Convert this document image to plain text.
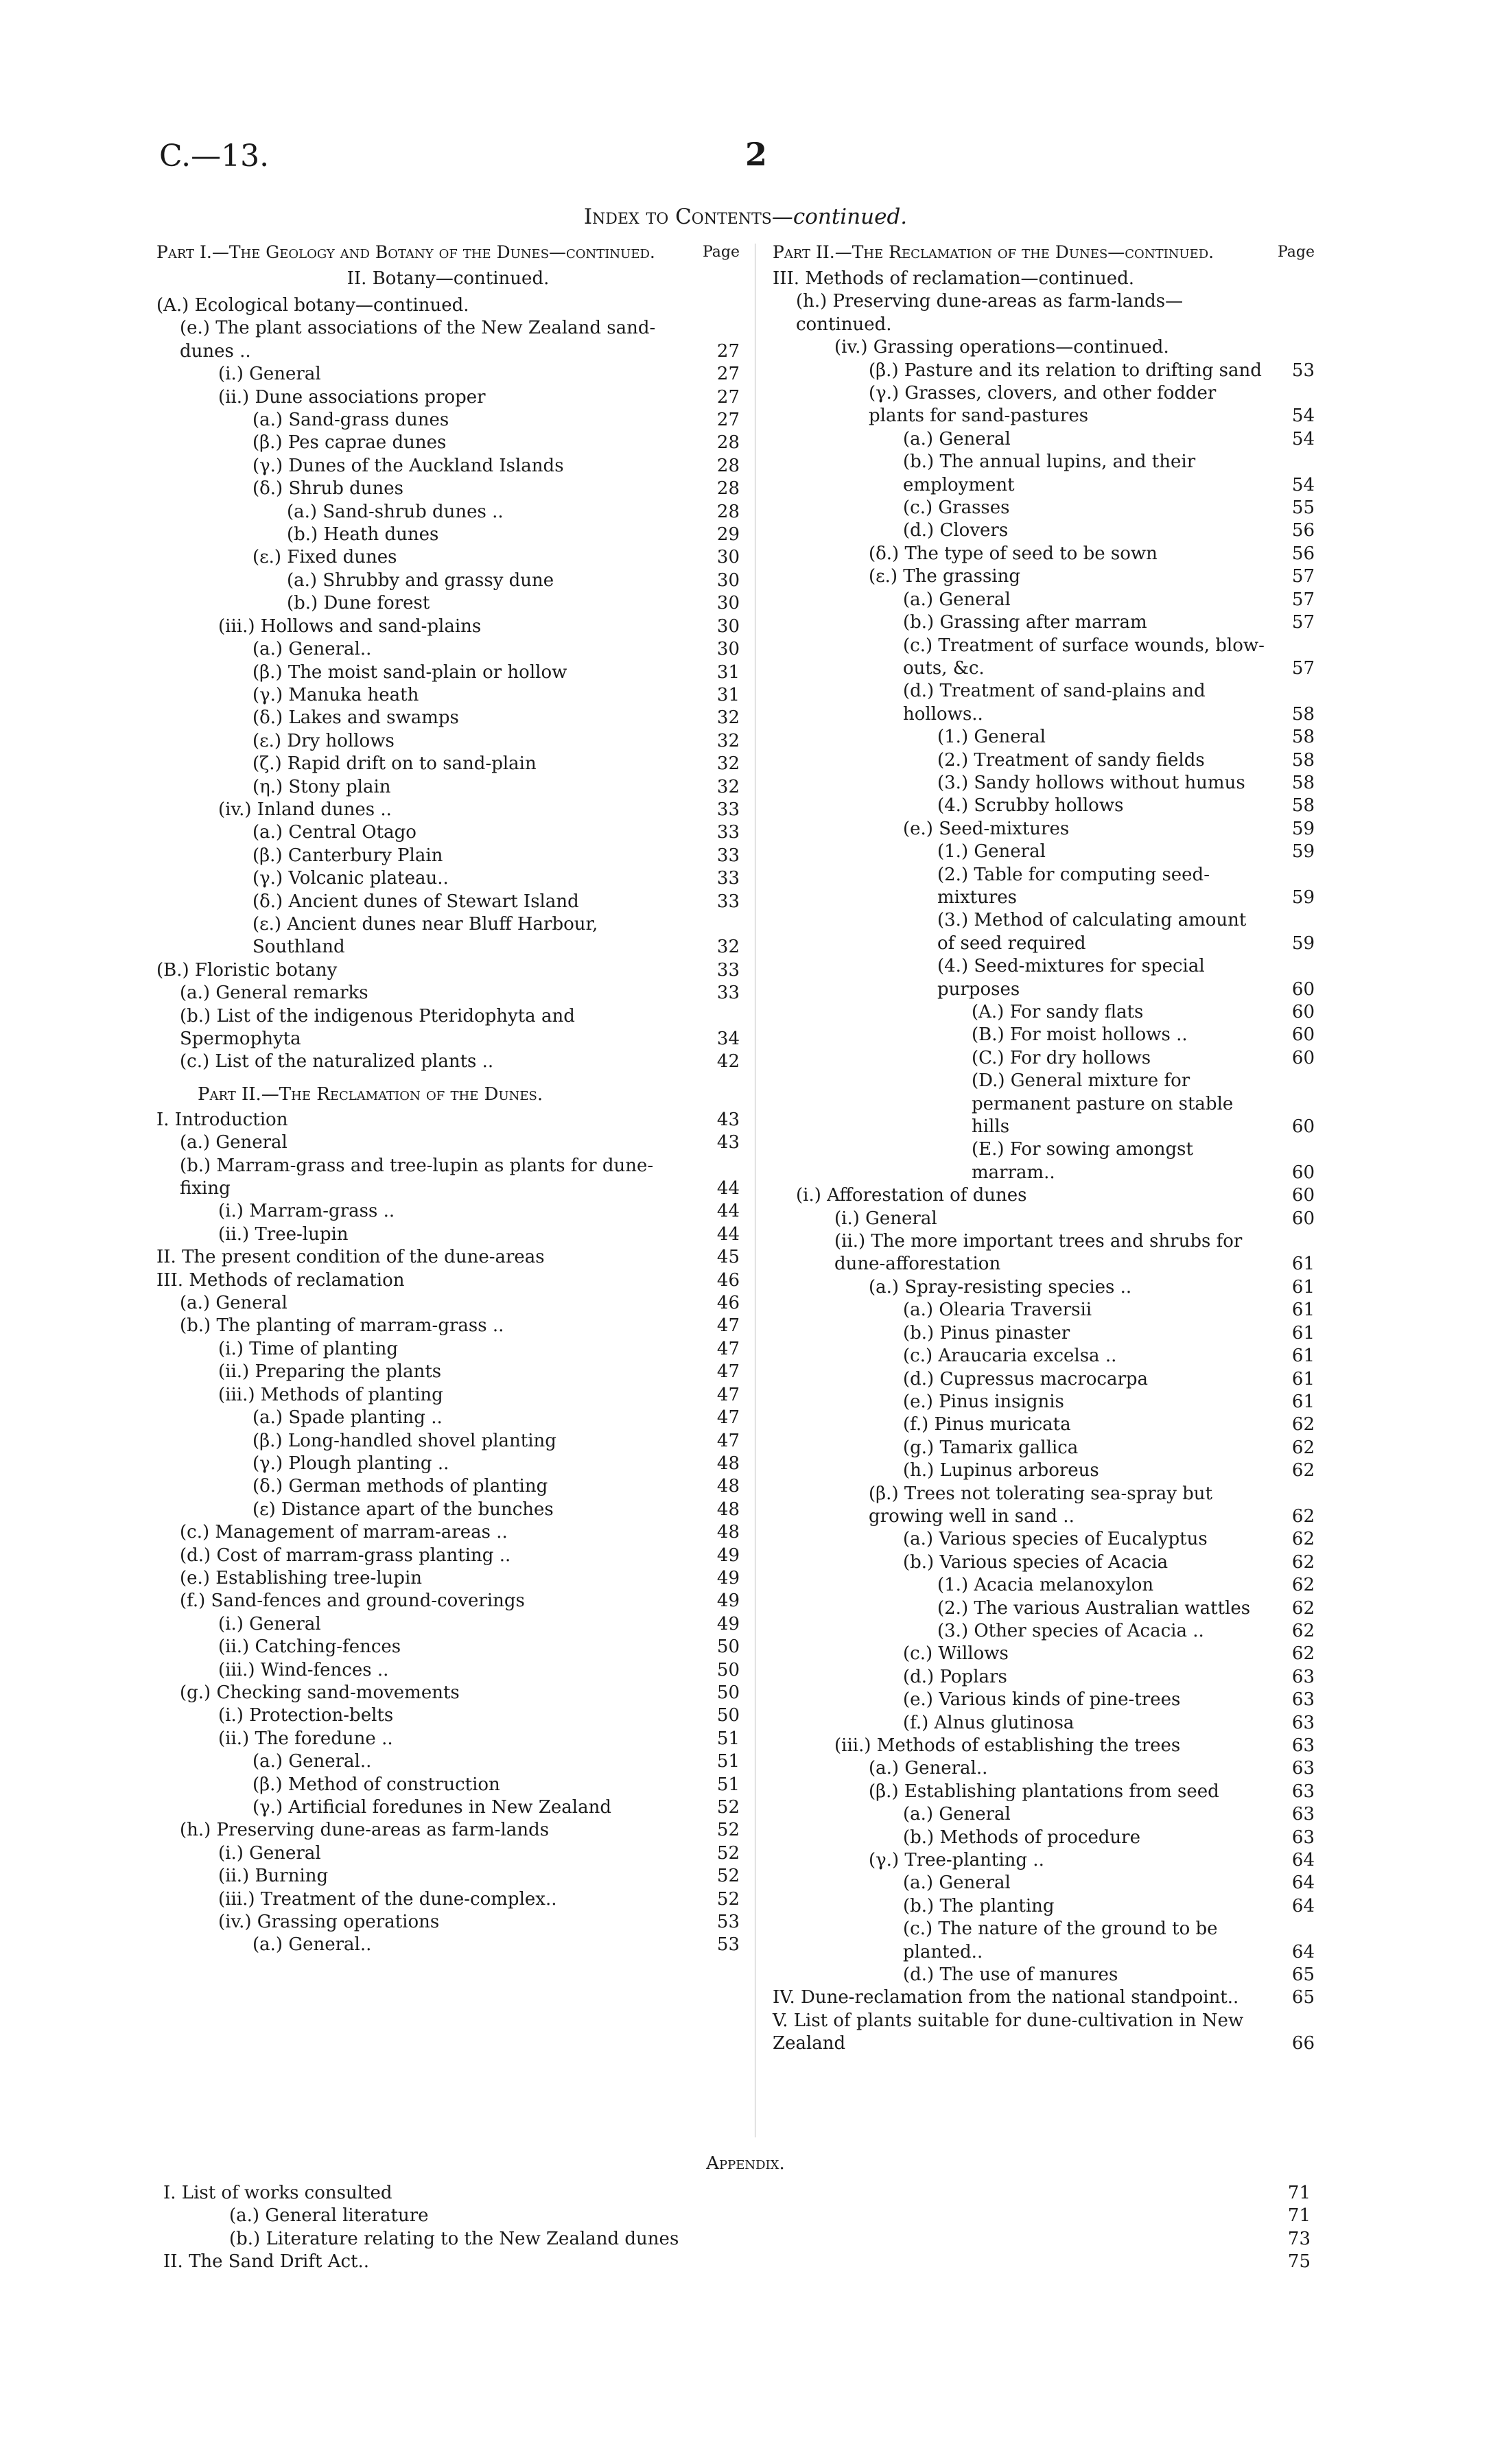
C.—13.	2
Index to Contents—continued.
Part I.—The Geology and Botany of the Dunes—continued.	Page
II. Botany—continued.
(A.) Ecological botany—continued.
(e.) The plant associations of the New Zealand sand-dunes ..	27
(i.) General	27
(ii.) Dune associations proper	27
(a.) Sand-grass dunes	27
(β.) Pes caprae dunes	28
(γ.) Dunes of the Auckland Islands	28
(δ.) Shrub dunes	28
(a.) Sand-shrub dunes ..	28
(b.) Heath dunes	29
(ε.) Fixed dunes	30
(a.) Shrubby and grassy dune	30
(b.) Dune forest	30
(iii.) Hollows and sand-plains	30
(a.) General..	30
(β.) The moist sand-plain or hollow	31
(γ.) Manuka heath	31
(δ.) Lakes and swamps	32
(ε.) Dry hollows	32
(ζ.) Rapid drift on to sand-plain	32
(η.) Stony plain	32
(iv.) Inland dunes ..	33
(a.) Central Otago	33
(β.) Canterbury Plain	33
(γ.) Volcanic plateau..	33
(δ.) Ancient dunes of Stewart Island	33
(ε.) Ancient dunes near Bluff Harbour, Southland	32
(B.) Floristic botany	33
(a.) General remarks	33
(b.) List of the indigenous Pteridophyta and Spermophyta	34
(c.) List of the naturalized plants ..	42
Part II.—The Reclamation of the Dunes.
I. Introduction	43
(a.) General	43
(b.) Marram-grass and tree-lupin as plants for dune-fixing	44
(i.) Marram-grass ..	44
(ii.) Tree-lupin	44
II. The present condition of the dune-areas	45
III. Methods of reclamation	46
(a.) General	46
(b.) The planting of marram-grass ..	47
(i.) Time of planting	47
(ii.) Preparing the plants	47
(iii.) Methods of planting	47
(a.) Spade planting ..	47
(β.) Long-handled shovel planting	47
(γ.) Plough planting ..	48
(δ.) German methods of planting	48
(ε) Distance apart of the bunches	48
(c.) Management of marram-areas ..	48
(d.) Cost of marram-grass planting ..	49
(e.) Establishing tree-lupin	49
(f.) Sand-fences and ground-coverings	49
(i.) General	49
(ii.) Catching-fences	50
(iii.) Wind-fences ..	50
(g.) Checking sand-movements	50
(i.) Protection-belts	50
(ii.) The foredune ..	51
(a.) General..	51
(β.) Method of construction	51
(γ.) Artificial foredunes in New Zealand	52
(h.) Preserving dune-areas as farm-lands	52
(i.) General	52
(ii.) Burning	52
(iii.) Treatment of the dune-complex..	52
(iv.) Grassing operations	53
(a.) General..	53
Part II.—The Reclamation of the Dunes—continued.	Page
III. Methods of reclamation—continued.
(h.) Preserving dune-areas as farm-lands—continued.
(iv.) Grassing operations—continued.
(β.) Pasture and its relation to drifting sand	53
(γ.) Grasses, clovers, and other fodder plants for sand-pastures	54
(a.) General	54
(b.) The annual lupins, and their employment	54
(c.) Grasses	55
(d.) Clovers	56
(δ.) The type of seed to be sown	56
(ε.) The grassing	57
(a.) General	57
(b.) Grassing after marram	57
(c.) Treatment of surface wounds, blow-outs, &c.	57
(d.) Treatment of sand-plains and hollows..	58
(1.) General	58
(2.) Treatment of sandy fields	58
(3.) Sandy hollows without humus	58
(4.) Scrubby hollows	58
(e.) Seed-mixtures	59
(1.) General	59
(2.) Table for computing seed-mixtures	59
(3.) Method of calculating amount of seed required	59
(4.) Seed-mixtures for special purposes	60
(A.) For sandy flats	60
(B.) For moist hollows ..	60
(C.) For dry hollows	60
(D.) General mixture for permanent pasture on stable hills	60
(E.) For sowing amongst marram..	60
(i.) Afforestation of dunes	60
(i.) General	60
(ii.) The more important trees and shrubs for dune-afforestation	61
(a.) Spray-resisting species ..	61
(a.) Olearia Traversii	61
(b.) Pinus pinaster	61
(c.) Araucaria excelsa ..	61
(d.) Cupressus macrocarpa	61
(e.) Pinus insignis	61
(f.) Pinus muricata	62
(g.) Tamarix gallica	62
(h.) Lupinus arboreus	62
(β.) Trees not tolerating sea-spray but growing well in sand ..	62
(a.) Various species of Eucalyptus	62
(b.) Various species of Acacia	62
(1.) Acacia melanoxylon	62
(2.) The various Australian wattles	62
(3.) Other species of Acacia ..	62
(c.) Willows	62
(d.) Poplars	63
(e.) Various kinds of pine-trees	63
(f.) Alnus glutinosa	63
(iii.) Methods of establishing the trees	63
(a.) General..	63
(β.) Establishing plantations from seed	63
(a.) General	63
(b.) Methods of procedure	63
(γ.) Tree-planting ..	64
(a.) General	64
(b.) The planting	64
(c.) The nature of the ground to be planted..	64
(d.) The use of manures	65
IV. Dune-reclamation from the national standpoint..	65
V. List of plants suitable for dune-cultivation in New Zealand	66
Appendix.
I. List of works consulted	71
(a.) General literature	71
(b.) Literature relating to the New Zealand dunes	73
II. The Sand Drift Act..	75
